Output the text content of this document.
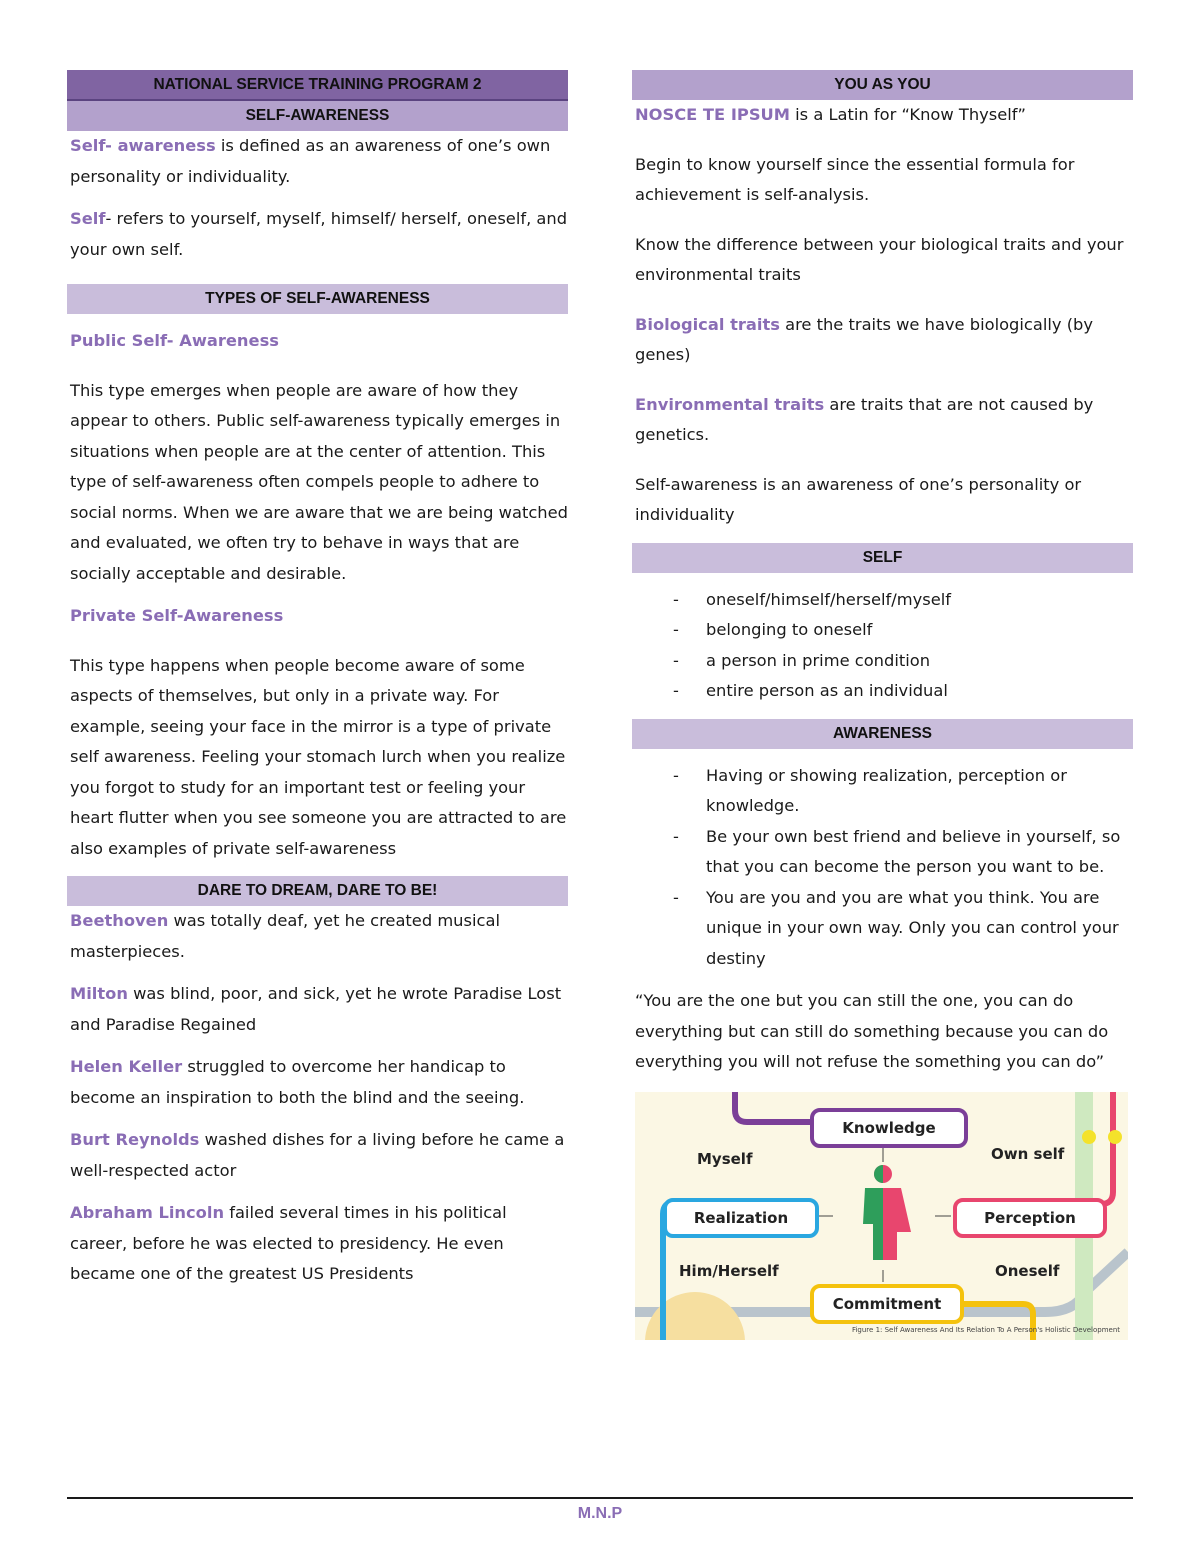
NATIONAL SERVICE TRAINING PROGRAM 2
SELF-AWARENESS

Self- awareness is defined as an awareness of one’s own personality or individuality.

Self- refers to yourself, myself, himself/ herself, oneself, and your own self.

TYPES OF SELF-AWARENESS
Public Self- Awareness

This type emerges when people are aware of how they appear to others. Public self-awareness typically emerges in situations when people are at the center of attention. This type of self-awareness often compels people to adhere to social norms. When we are aware that we are being watched and evaluated, we often try to behave in ways that are socially acceptable and desirable.

Private Self-Awareness

This type happens when people become aware of some aspects of themselves, but only in a private way. For example, seeing your face in the mirror is a type of private self awareness. Feeling your stomach lurch when you realize you forgot to study for an important test or feeling your heart flutter when you see someone you are attracted to are also examples of private self-awareness

DARE TO DREAM, DARE TO BE!

Beethoven was totally deaf, yet he created musical masterpieces.

Milton was blind, poor, and sick, yet he wrote Paradise Lost and Paradise Regained

Helen Keller struggled to overcome her handicap to become an inspiration to both the blind and the seeing.

Burt Reynolds washed dishes for a living before he came a well-respected actor

Abraham Lincoln failed several times in his political career, before he was elected to presidency. He even became one of the greatest US Presidents

YOU AS YOU

NOSCE TE IPSUM is a Latin for “Know Thyself”

Begin to know yourself since the essential formula for achievement is self-analysis.

Know the difference between your biological traits and your environmental traits

Biological traits are the traits we have biologically (by genes)

Environmental traits are traits that are not caused by genetics.

Self-awareness is an awareness of one’s personality or individuality

SELF
- oneself/himself/herself/myself
- belonging to oneself
- a person in prime condition
- entire person as an individual
AWARENESS
- Having or showing realization, perception or knowledge.
- Be your own best friend and believe in yourself, so that you can become the person you want to be.
- You are you and you are what you think. You are unique in your own way. Only you can control your destiny

“You are the one but you can still the one, you can do everything but can still do something because you can do everything you will not refuse the something you can do”

Knowledge
Realization	Perception
Commitment
Myself	Own self
Him/Herself	Oneself
Figure 1: Self Awareness And Its Relation To A Person's Holistic Development
M.N.P
